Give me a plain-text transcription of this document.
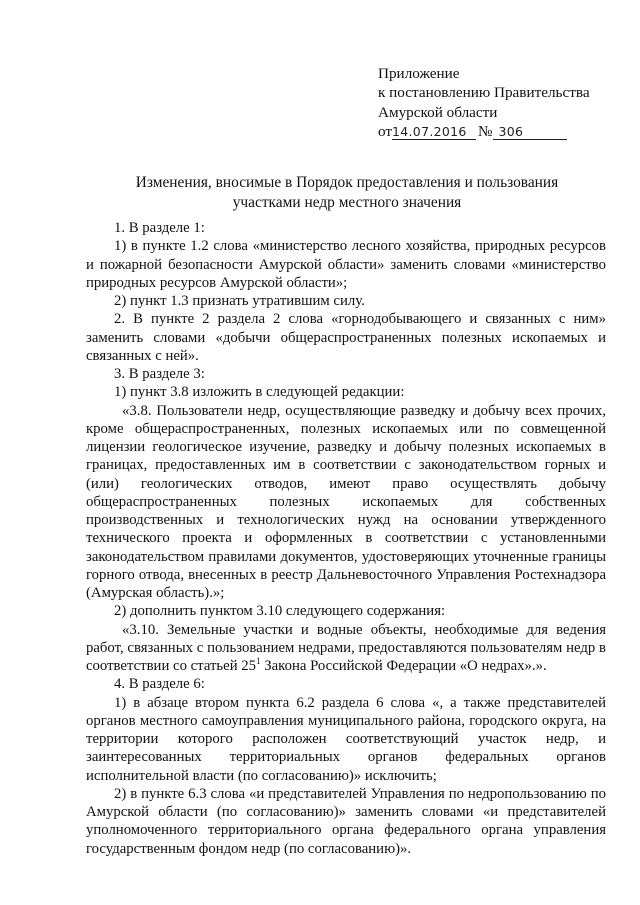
Приложение
к постановлению Правительства
Амурской области
от14.07.2016 № 306
Изменения, вносимые в Порядок предоставления и пользования
участками недр местного значения

1. В разделе 1:

1) в пункте 1.2 слова «министерство лесного хозяйства, природных ресурсов и пожарной безопасности Амурской области» заменить словами «министерство природных ресурсов Амурской области»;

2) пункт 1.3 признать утратившим силу.

2. В пункте 2 раздела 2 слова «горнодобывающего и связанных с ним» заменить словами «добычи общераспространенных полезных ископаемых и связанных с ней».

3. В разделе 3:

1) пункт 3.8 изложить в следующей редакции:

«3.8. Пользователи недр, осуществляющие разведку и добычу всех прочих, кроме общераспространенных, полезных ископаемых или по совмещенной лицензии геологическое изучение, разведку и добычу полезных ископаемых в границах, предоставленных им в соответствии с законодательством горных и (или) геологических отводов, имеют право осуществлять добычу общераспространенных полезных ископаемых для собственных производственных и технологических нужд на основании утвержденного технического проекта и оформленных в соответствии с установленными законодательством правилами документов, удостоверяющих уточненные границы горного отвода, внесенных в реестр Дальневосточного Управления Ростехнадзора (Амурская область).»;

2) дополнить пунктом 3.10 следующего содержания:

«3.10. Земельные участки и водные объекты, необходимые для ведения работ, связанных с пользованием недрами, предоставляются пользователям недр в соответствии со статьей $25^1$ Закона Российской Федерации «О недрах».».

4. В разделе 6:

1) в абзаце втором пункта 6.2 раздела 6 слова «, а также представителей органов местного самоуправления муниципального района, городского округа, на территории которого расположен соответствующий участок недр, и заинтересованных территориальных органов федеральных органов исполнительной власти (по согласованию)» исключить;

2) в пункте 6.3 слова «и представителей Управления по недропользованию по Амурской области (по согласованию)» заменить словами «и представителей уполномоченного территориального органа федерального органа управления государственным фондом недр (по согласованию)».
